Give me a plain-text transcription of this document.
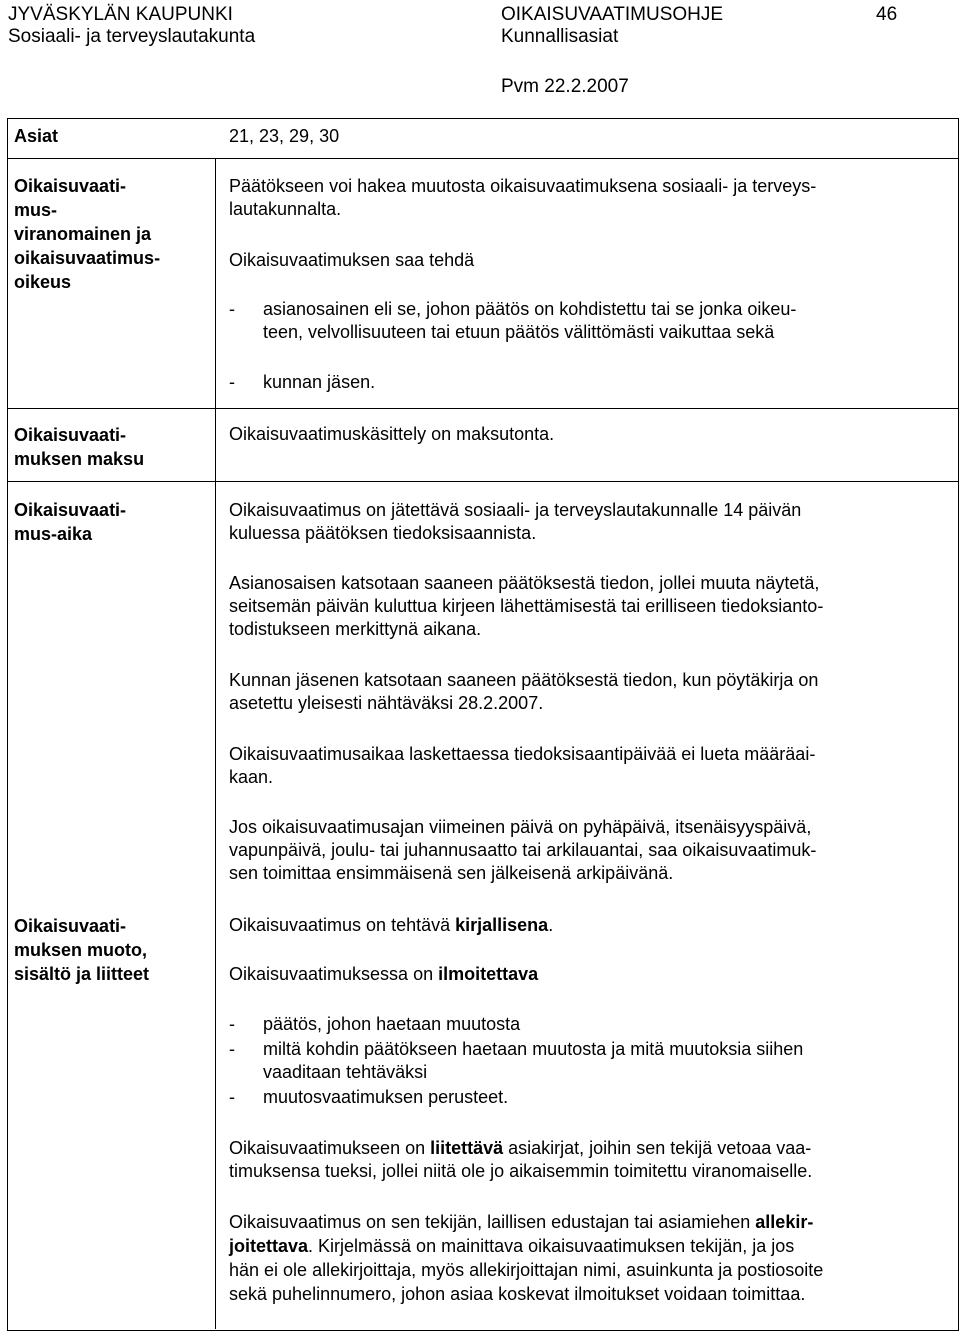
JYVÄSKYLÄN KAUPUNKI
Sosiaali- ja terveyslautakunta
OIKAISUVAATIMUSOHJE
Kunnallisasiat
46
Pvm 22.2.2007
Asiat	21, 23, 29, 30
Oikaisuvaati-
mus-
viranomainen ja
oikaisuvaatimus-
oikeus
Päätökseen voi hakea muutosta oikaisuvaatimuksena sosiaali- ja terveys-
lautakunnalta.
Oikaisuvaatimuksen saa tehdä
- asianosainen eli se, johon päätös on kohdistettu tai se jonka oikeu-
teen, velvollisuuteen tai etuun päätös välittömästi vaikuttaa sekä
- kunnan jäsen.
Oikaisuvaati-
muksen maksu
Oikaisuvaatimuskäsittely on maksutonta.
Oikaisuvaati-
mus-aika
Oikaisuvaatimus on jätettävä sosiaali- ja terveyslautakunnalle 14 päivän
kuluessa päätöksen tiedoksisaannista.
Asianosaisen katsotaan saaneen päätöksestä tiedon, jollei muuta näytetä,
seitsemän päivän kuluttua kirjeen lähettämisestä tai erilliseen tiedoksianto-
todistukseen merkittynä aikana.
Kunnan jäsenen katsotaan saaneen päätöksestä tiedon, kun pöytäkirja on
asetettu yleisesti nähtäväksi 28.2.2007.
Oikaisuvaatimusaikaa laskettaessa tiedoksisaantipäivää ei lueta määräai-
kaan.
Jos oikaisuvaatimusajan viimeinen päivä on pyhäpäivä, itsenäisyyspäivä,
vapunpäivä, joulu- tai juhannusaatto tai arkilauantai, saa oikaisuvaatimuk-
sen toimittaa ensimmäisenä sen jälkeisenä arkipäivänä.
Oikaisuvaati-
muksen muoto,
sisältö ja liitteet
Oikaisuvaatimus on tehtävä kirjallisena.
Oikaisuvaatimuksessa on ilmoitettava
- päätös, johon haetaan muutosta
- miltä kohdin päätökseen haetaan muutosta ja mitä muutoksia siihen
vaaditaan tehtäväksi
- muutosvaatimuksen perusteet.
Oikaisuvaatimukseen on liitettävä asiakirjat, joihin sen tekijä vetoaa vaa-
timuksensa tueksi, jollei niitä ole jo aikaisemmin toimitettu viranomaiselle.
Oikaisuvaatimus on sen tekijän, laillisen edustajan tai asiamiehen allekir-
joitettava. Kirjelmässä on mainittava oikaisuvaatimuksen tekijän, ja jos
hän ei ole allekirjoittaja, myös allekirjoittajan nimi, asuinkunta ja postiosoite
sekä puhelinnumero, johon asiaa koskevat ilmoitukset voidaan toimittaa.
